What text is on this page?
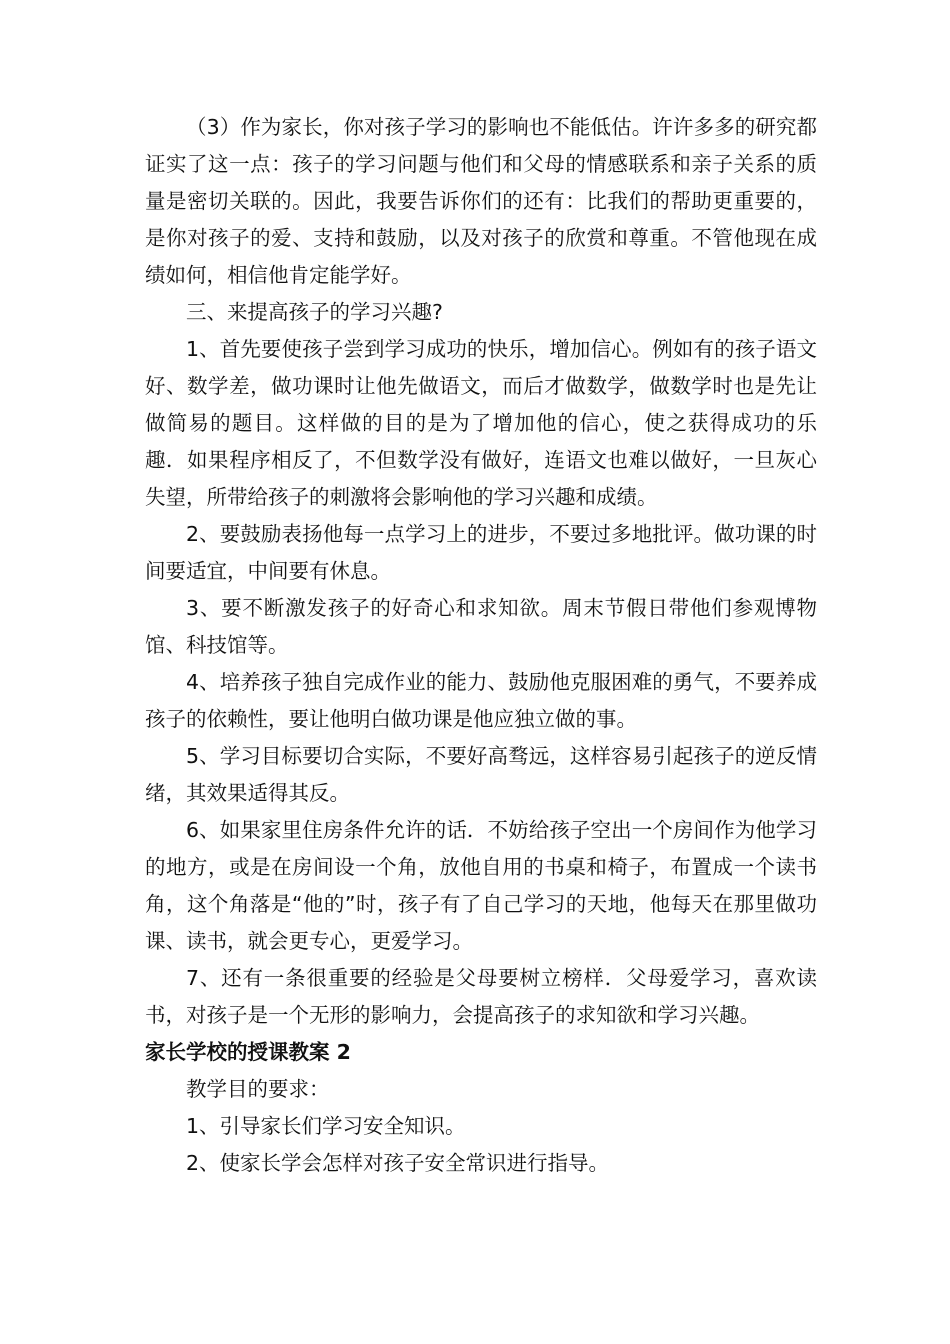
（3）作为家长，你对孩子学习的影响也不能低估。许许多多的研究都证实了这一点：孩子的学习问题与他们和父母的情感联系和亲子关系的质量是密切关联的。因此，我要告诉你们的还有：比我们的帮助更重要的，是你对孩子的爱、支持和鼓励，以及对孩子的欣赏和尊重。不管他现在成绩如何，相信他肯定能学好。

三、来提高孩子的学习兴趣?

1、首先要使孩子尝到学习成功的快乐，增加信心。例如有的孩子语文好、数学差，做功课时让他先做语文，而后才做数学，做数学时也是先让做简易的题目。这样做的目的是为了增加他的信心，使之获得成功的乐趣．如果程序相反了，不但数学没有做好，连语文也难以做好，一旦灰心失望，所带给孩子的刺激将会影响他的学习兴趣和成绩。

2、要鼓励表扬他每一点学习上的进步，不要过多地批评。做功课的时间要适宜，中间要有休息。

3、要不断激发孩子的好奇心和求知欲。周末节假日带他们参观博物馆、科技馆等。

4、培养孩子独自完成作业的能力、鼓励他克服困难的勇气，不要养成孩子的依赖性，要让他明白做功课是他应独立做的事。

5、学习目标要切合实际，不要好高骛远，这样容易引起孩子的逆反情绪，其效果适得其反。

6、如果家里住房条件允许的话．不妨给孩子空出一个房间作为他学习的地方，或是在房间设一个角，放他自用的书桌和椅子，布置成一个读书角，这个角落是“他的”时，孩子有了自己学习的天地，他每天在那里做功课、读书，就会更专心，更爱学习。

7、还有一条很重要的经验是父母要树立榜样．父母爱学习，喜欢读书，对孩子是一个无形的影响力，会提高孩子的求知欲和学习兴趣。

家长学校的授课教案 2

教学目的要求：

1、引导家长们学习安全知识。

2、使家长学会怎样对孩子安全常识进行指导。
